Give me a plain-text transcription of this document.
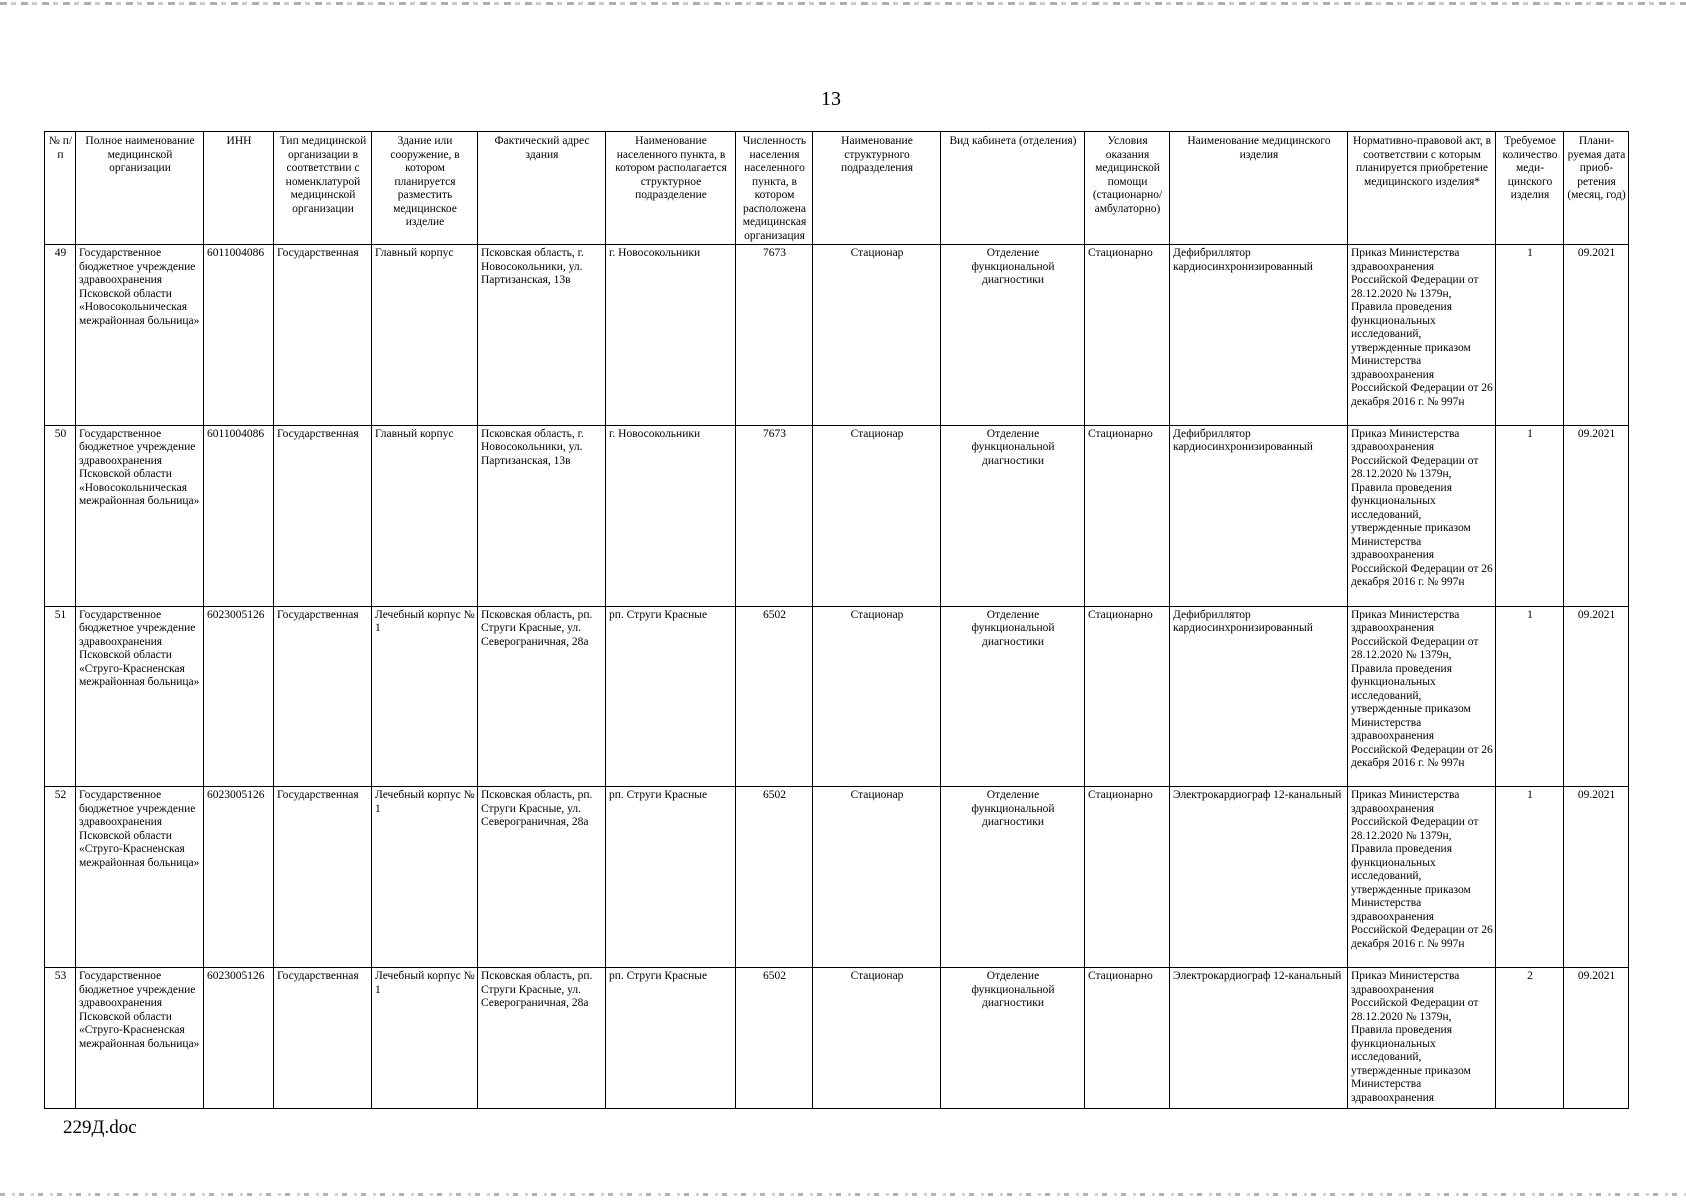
13
№ п/п	Полное наименование медицинской организации	ИНН	Тип медицинской организации в соответствии с номенклатурой медицинской организации	Здание или сооружение, в котором планируется разместить медицинское изделие	Фактический адрес здания	Наименование населенного пункта, в котором располагается структурное подразделение	Численность населения населенного пункта, в котором расположена медицинская организация	Наименование структурного подразделения	Вид кабинета (отделения)	Условия оказания медицинской помощи (стационарно/ амбулаторно)	Наименование медицинского изделия	Нормативно-правовой акт, в соответствии с которым планируется приобретение медицинского изделия*	Требуемое количество меди-цинского изделия	Плани-руемая дата приоб-ретения (месяц, год)
49	Государственное бюджетное учреждение здравоохранения Псковской области «Новосокольническая межрайонная больница»	6011004086	Государственная	Главный корпус	Псковская область, г. Новосокольники, ул. Партизанская, 13в	г. Новосокольники	7673	Стационар	Отделение функциональной диагностики	Стационарно	Дефибриллятор кардиосинхронизированный	Приказ Министерства здравоохранения Российской Федерации от 28.12.2020 № 1379н, Правила проведения функциональных исследований, утвержденные приказом Министерства здравоохранения Российской Федерации от 26 декабря 2016 г. № 997н	1	09.2021
50	Государственное бюджетное учреждение здравоохранения Псковской области «Новосокольническая межрайонная больница»	6011004086	Государственная	Главный корпус	Псковская область, г. Новосокольники, ул. Партизанская, 13в	г. Новосокольники	7673	Стационар	Отделение функциональной диагностики	Стационарно	Дефибриллятор кардиосинхронизированный	Приказ Министерства здравоохранения Российской Федерации от 28.12.2020 № 1379н, Правила проведения функциональных исследований, утвержденные приказом Министерства здравоохранения Российской Федерации от 26 декабря 2016 г. № 997н	1	09.2021
51	Государственное бюджетное учреждение здравоохранения Псковской области «Струго-Красненская межрайонная больница»	6023005126	Государственная	Лечебный корпус № 1	Псковская область, рп. Струги Красные, ул. Северограничная, 28а	рп. Струги Красные	6502	Стационар	Отделение функциональной диагностики	Стационарно	Дефибриллятор кардиосинхронизированный	Приказ Министерства здравоохранения Российской Федерации от 28.12.2020 № 1379н, Правила проведения функциональных исследований, утвержденные приказом Министерства здравоохранения Российской Федерации от 26 декабря 2016 г. № 997н	1	09.2021
52	Государственное бюджетное учреждение здравоохранения Псковской области «Струго-Красненская межрайонная больница»	6023005126	Государственная	Лечебный корпус № 1	Псковская область, рп. Струги Красные, ул. Северограничная, 28а	рп. Струги Красные	6502	Стационар	Отделение функциональной диагностики	Стационарно	Электрокардиограф 12-канальный	Приказ Министерства здравоохранения Российской Федерации от 28.12.2020 № 1379н, Правила проведения функциональных исследований, утвержденные приказом Министерства здравоохранения Российской Федерации от 26 декабря 2016 г. № 997н	1	09.2021
53	Государственное бюджетное учреждение здравоохранения Псковской области «Струго-Красненская межрайонная больница»	6023005126	Государственная	Лечебный корпус № 1	Псковская область, рп. Струги Красные, ул. Северограничная, 28а	рп. Струги Красные	6502	Стационар	Отделение функциональной диагностики	Стационарно	Электрокардиограф 12-канальный	Приказ Министерства здравоохранения Российской Федерации от 28.12.2020 № 1379н, Правила проведения функциональных исследований, утвержденные приказом Министерства здравоохранения	2	09.2021
229Д.doc
